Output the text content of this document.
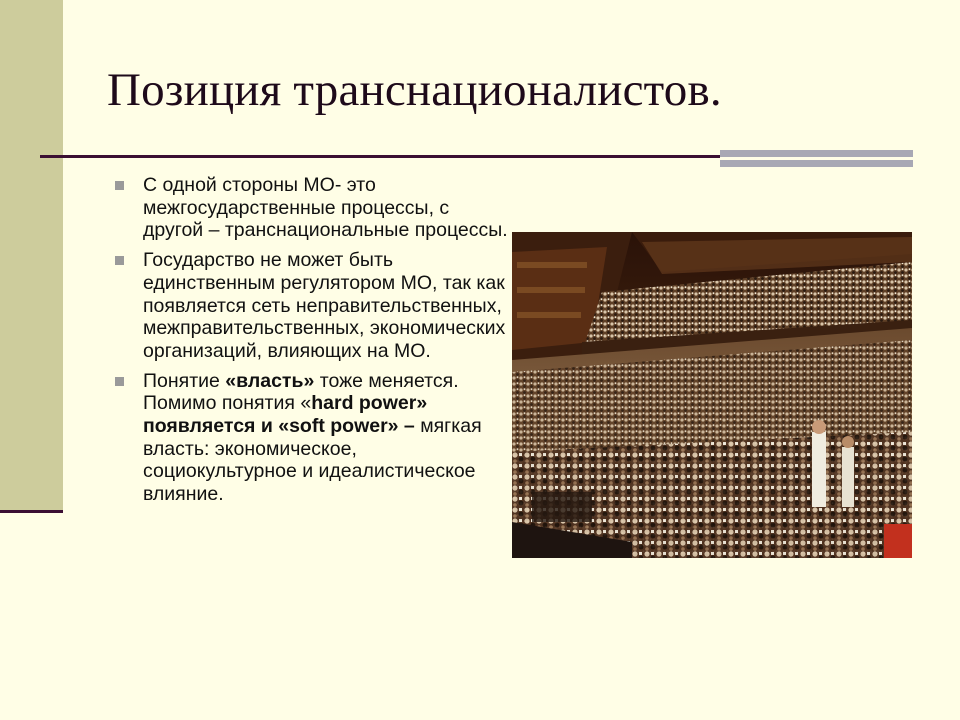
Позиция транснационалистов.
С одной стороны МО- это межгосударственные процессы, с другой – транснациональные процессы.
Государство не может быть единственным регулятором МО, так как появляется сеть неправительственных, межправительственных, экономических организаций, влияющих на МО.
Понятие «власть» тоже меняется. Помимо понятия «hard power» появляется и «soft power» – мягкая власть: экономическое, социокультурное и идеалистическое влияние.
